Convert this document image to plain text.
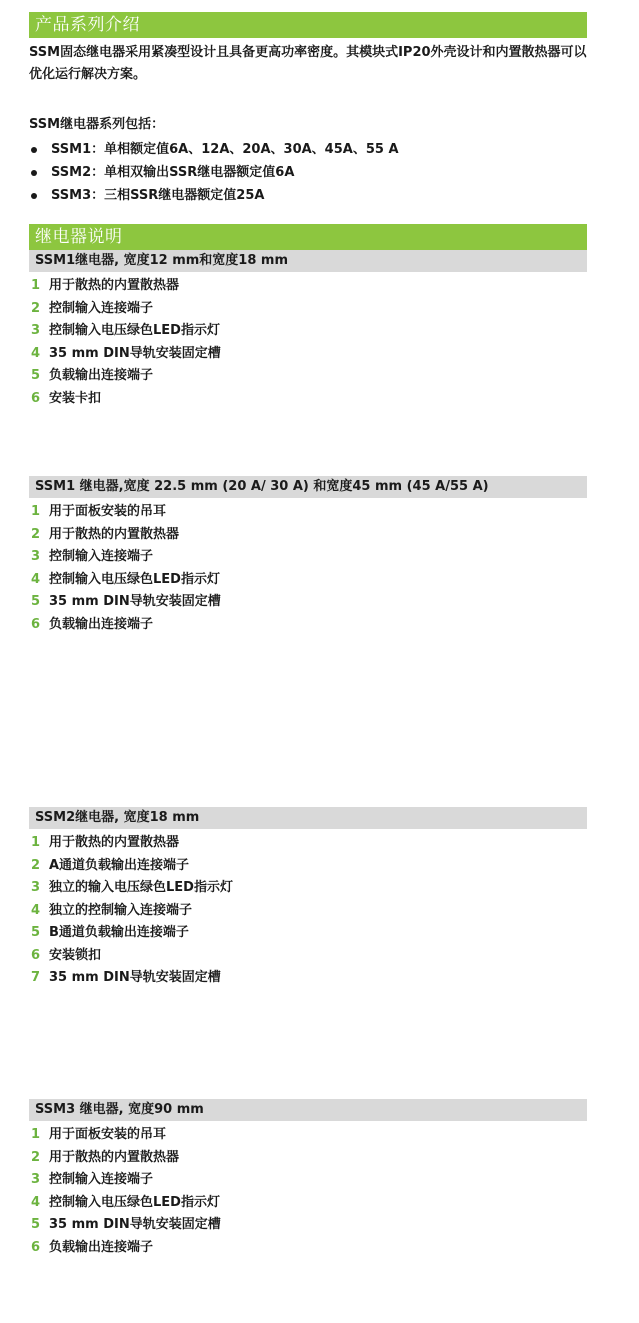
产品系列介绍
SSM固态继电器采用紧凑型设计且具备更高功率密度。其模块式IP20外壳设计和内置散热器可以优化运行解决方案。
SSM继电器系列包括：
SSM1：单相额定值6A、12A、20A、30A、45A、55 A
SSM2：单相双输出SSR继电器额定值6A
SSM3：三相SSR继电器额定值25A
继电器说明
SSM1继电器, 宽度12 mm和宽度18 mm
1 用于散热的内置散热器
2 控制输入连接端子
3 控制输入电压绿色LED指示灯
4 35 mm DIN导轨安装固定槽
5 负载输出连接端子
6 安装卡扣
SSM1 继电器,宽度 22.5 mm (20 A/ 30 A) 和宽度45 mm (45 A/55 A)
1 用于面板安装的吊耳
2 用于散热的内置散热器
3 控制输入连接端子
4 控制输入电压绿色LED指示灯
5 35 mm DIN导轨安装固定槽
6 负载输出连接端子
SSM2继电器, 宽度18 mm
1 用于散热的内置散热器
2 A通道负载输出连接端子
3 独立的输入电压绿色LED指示灯
4 独立的控制输入连接端子
5 B通道负载输出连接端子
6 安装锁扣
7 35 mm DIN导轨安装固定槽
SSM3 继电器, 宽度90 mm
1 用于面板安装的吊耳
2 用于散热的内置散热器
3 控制输入连接端子
4 控制输入电压绿色LED指示灯
5 35 mm DIN导轨安装固定槽
6 负载输出连接端子
